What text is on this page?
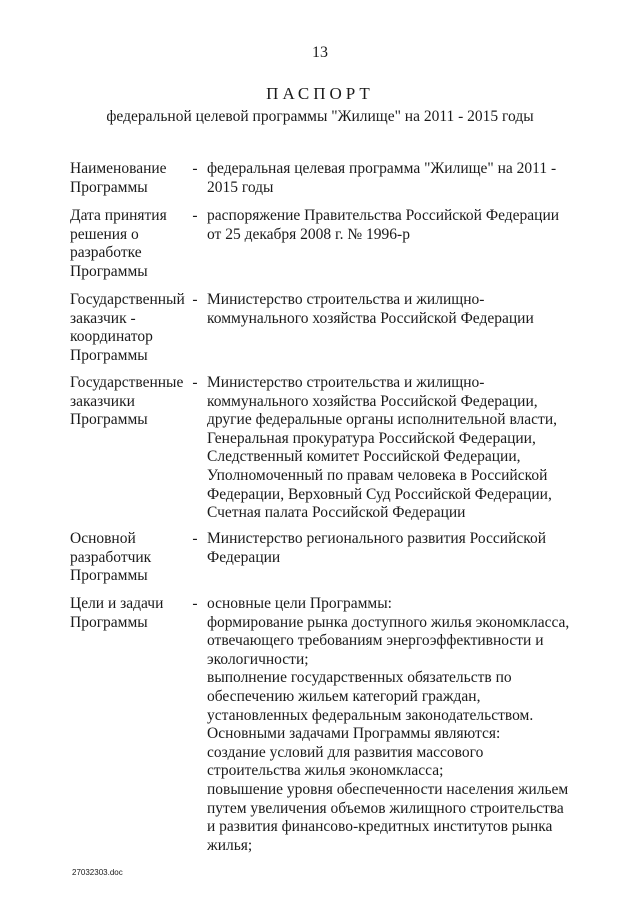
13
ПАСПОРТ
федеральной целевой программы "Жилище" на 2011 - 2015 годы
Наименование
Программы
- федеральная целевая программа "Жилище" на 2011 -
2015 годы
Дата принятия
решения о
разработке
Программы
- распоряжение Правительства Российской Федерации
от 25 декабря 2008 г. № 1996-р
Государственный
заказчик -
координатор
Программы
- Министерство строительства и жилищно-
коммунального хозяйства Российской Федерации
Государственные
заказчики
Программы
- Министерство строительства и жилищно-
коммунального хозяйства Российской Федерации,
другие федеральные органы исполнительной власти,
Генеральная прокуратура Российской Федерации,
Следственный комитет Российской Федерации,
Уполномоченный по правам человека в Российской
Федерации, Верховный Суд Российской Федерации,
Счетная палата Российской Федерации
Основной
разработчик
Программы
- Министерство регионального развития Российской
Федерации
Цели и задачи
Программы
- основные цели Программы:
формирование рынка доступного жилья экономкласса,
отвечающего требованиям энергоэффективности и
экологичности;
выполнение государственных обязательств по
обеспечению жильем категорий граждан,
установленных федеральным законодательством.
Основными задачами Программы являются:
создание условий для развития массового
строительства жилья экономкласса;
повышение уровня обеспеченности населения жильем
путем увеличения объемов жилищного строительства
и развития финансово-кредитных институтов рынка
жилья;
27032303.doc
